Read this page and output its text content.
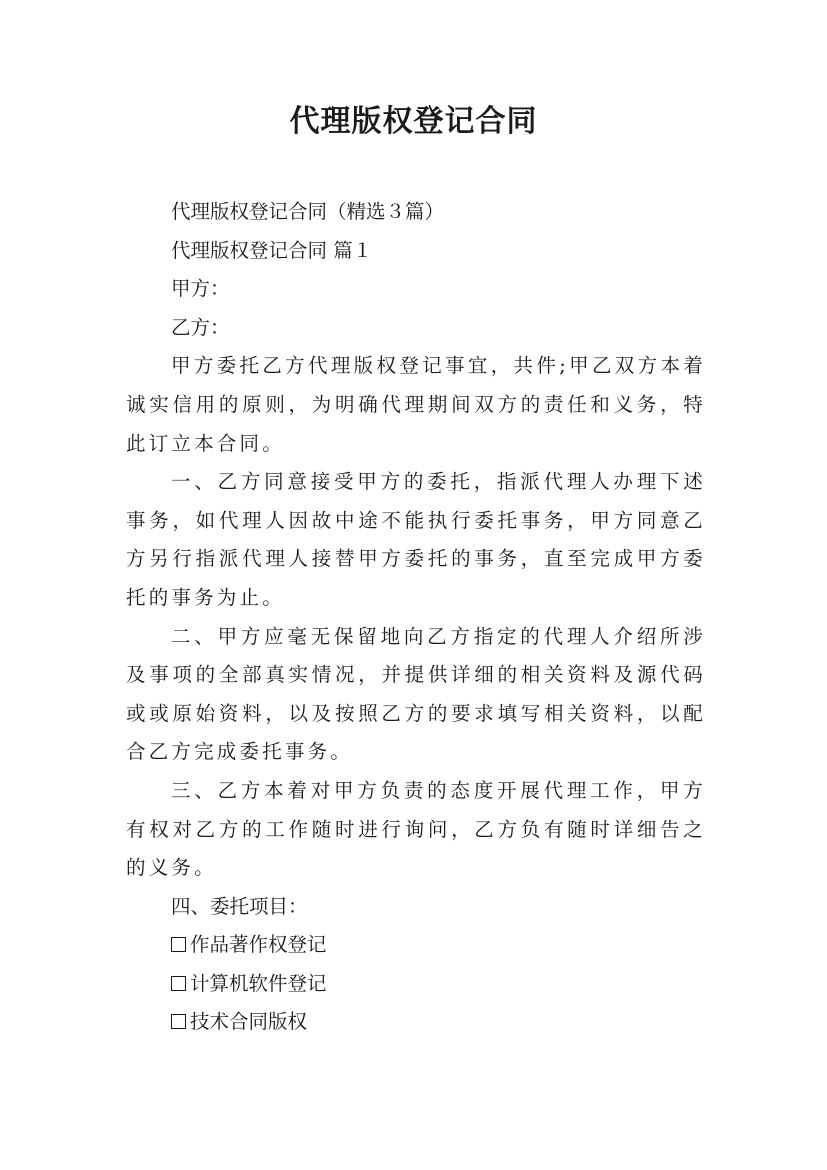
代理版权登记合同

代理版权登记合同（精选３篇）

代理版权登记合同 篇１

甲方：

乙方：

甲方委托乙方代理版权登记事宜，共件;甲乙双方本着诚实信用的原则，为明确代理期间双方的责任和义务，特此订立本合同。

一、乙方同意接受甲方的委托，指派代理人办理下述事务，如代理人因故中途不能执行委托事务，甲方同意乙方另行指派代理人接替甲方委托的事务，直至完成甲方委托的事务为止。

二、甲方应毫无保留地向乙方指定的代理人介绍所涉及事项的全部真实情况，并提供详细的相关资料及源代码或或原始资料，以及按照乙方的要求填写相关资料，以配合乙方完成委托事务。

三、乙方本着对甲方负责的态度开展代理工作，甲方有权对乙方的工作随时进行询问，乙方负有随时详细告之的义务。

四、委托项目：

作品著作权登记
计算机软件登记
技术合同版权
